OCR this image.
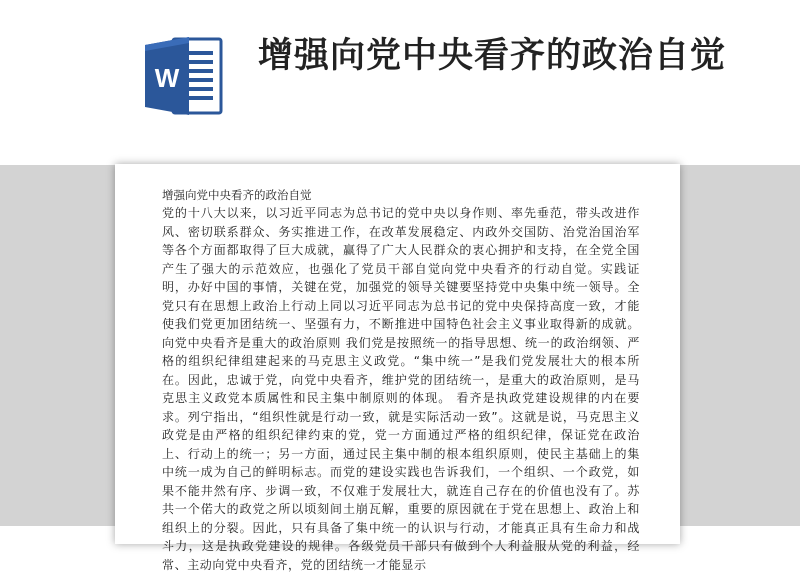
W
增强向党中央看齐的政治自觉
增强向党中央看齐的政治自觉
党的十八大以来，以习近平同志为总书记的党中央以身作则、率先垂范，带头改进作风、密切联系群众、务实推进工作，在改革发展稳定、内政外交国防、治党治国治军等各个方面都取得了巨大成就，赢得了广大人民群众的衷心拥护和支持，在全党全国产生了强大的示范效应，也强化了党员干部自觉向党中央看齐的行动自觉。实践证明，办好中国的事情，关键在党，加强党的领导关键要坚持党中央集中统一领导。全党只有在思想上政治上行动上同以习近平同志为总书记的党中央保持高度一致，才能使我们党更加团结统一、坚强有力，不断推进中国特色社会主义事业取得新的成就。向党中央看齐是重大的政治原则 我们党是按照统一的指导思想、统一的政治纲领、严格的组织纪律组建起来的马克思主义政党。“集中统一”是我们党发展壮大的根本所在。因此，忠诚于党，向党中央看齐，维护党的团结统一，是重大的政治原则，是马克思主义政党本质属性和民主集中制原则的体现。 看齐是执政党建设规律的内在要求。列宁指出，“组织性就是行动一致，就是实际活动一致”。这就是说，马克思主义政党是由严格的组织纪律约束的党，党一方面通过严格的组织纪律，保证党在政治上、行动上的统一；另一方面，通过民主集中制的根本组织原则，使民主基础上的集中统一成为自己的鲜明标志。而党的建设实践也告诉我们，一个组织、一个政党，如果不能井然有序、步调一致，不仅难于发展壮大，就连自己存在的价值也没有了。苏共一个偌大的政党之所以顷刻间土崩瓦解，重要的原因就在于党在思想上、政治上和组织上的分裂。因此，只有具备了集中统一的认识与行动，才能真正具有生命力和战斗力，这是执政党建设的规律。各级党员干部只有做到个人利益服从党的利益，经常、主动向党中央看齐，党的团结统一才能显示
